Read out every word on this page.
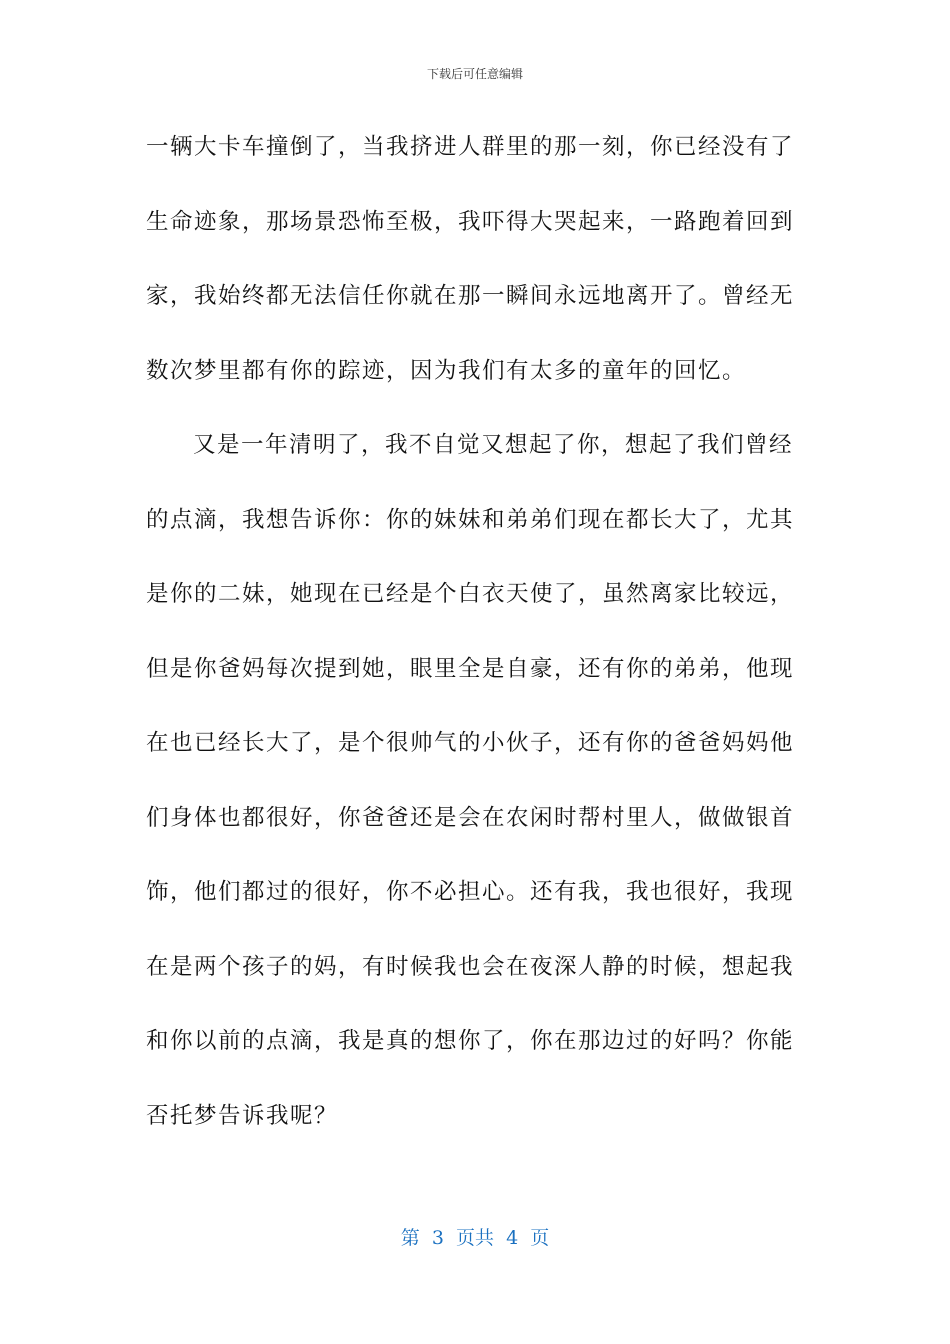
下载后可任意编辑
一辆大卡车撞倒了，当我挤进人群里的那一刻，你已经没有了
生命迹象，那场景恐怖至极，我吓得大哭起来，一路跑着回到
家，我始终都无法信任你就在那一瞬间永远地离开了。曾经无
数次梦里都有你的踪迹，因为我们有太多的童年的回忆。
又是一年清明了，我不自觉又想起了你，想起了我们曾经
的点滴，我想告诉你：你的妹妹和弟弟们现在都长大了，尤其
是你的二妹，她现在已经是个白衣天使了，虽然离家比较远，
但是你爸妈每次提到她，眼里全是自豪，还有你的弟弟，他现
在也已经长大了，是个很帅气的小伙子，还有你的爸爸妈妈他
们身体也都很好，你爸爸还是会在农闲时帮村里人，做做银首
饰，他们都过的很好，你不必担心。还有我，我也很好，我现
在是两个孩子的妈，有时候我也会在夜深人静的时候，想起我
和你以前的点滴，我是真的想你了，你在那边过的好吗？你能
否托梦告诉我呢？
第  3  页共  4  页
